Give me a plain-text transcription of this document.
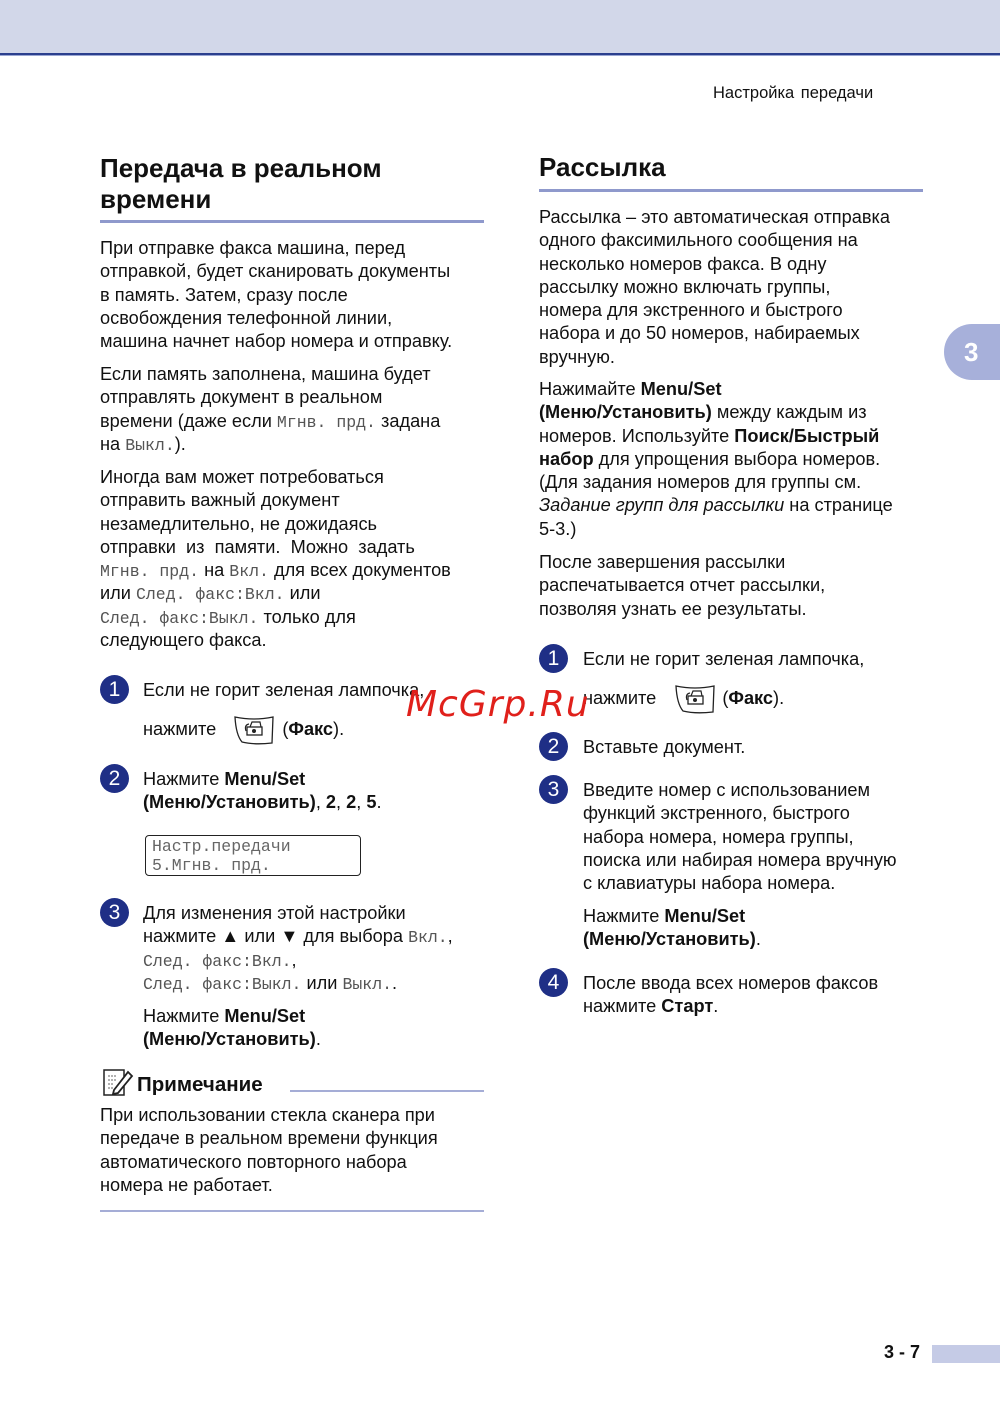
Настройка передачи
Передача в реальном
времени
При отправке факса машина, перед
отправкой, будет сканировать документы
в память. Затем, сразу после
освобождения телефонной линии,
машина начнет набор номера и отправку.
Если память заполнена, машина будет
отправлять документ в реальном
времени (даже если Мгнв. прд. задана
на Выкл.).
Иногда вам может потребоваться
отправить важный документ
незамедлительно, не дожидаясь
отправки  из  памяти.  Можно  задать
Мгнв. прд. на Вкл. для всех документов
или След. факс:Вкл. или
След. факс:Выкл. только для
следующего факса.
1	Если не горит зеленая лампочка,
нажмите	(Факс).
2	Нажмите Menu/Set
(Меню/Установить), 2, 2, 5.
Настр.передачи
5.Мгнв. прд.
3	Для изменения этой настройки
нажмите ▲ или ▼ для выбора Вкл.,
След. факс:Вкл.,
След. факс:Выкл. или Выкл..
Нажмите Menu/Set
(Меню/Установить).
Примечание
При использовании стекла сканера при
передаче в реальном времени функция
автоматического повторного набора
номера не работает.
Рассылка
Рассылка – это автоматическая отправка
одного факсимильного сообщения на
несколько номеров факса. В одну
рассылку можно включать группы,
номера для экстренного и быстрого
набора и до 50 номеров, набираемых
вручную.
Нажимайте Menu/Set
(Меню/Установить) между каждым из
номеров. Используйте Поиск/Быстрый
набор для упрощения выбора номеров.
(Для задания номеров для группы см.
Задание групп для рассылки на странице
5-3.)
После завершения рассылки
распечатывается отчет рассылки,
позволяя узнать ее результаты.
1	Если не горит зеленая лампочка,
нажмите	(Факс).
2	Вставьте документ.
3	Введите номер с использованием
функций экстренного, быстрого
набора номера, номера группы,
поиска или набирая номера вручную
с клавиатуры набора номера.
Нажмите Menu/Set
(Меню/Установить).
4	После ввода всех номеров факсов
нажмите Старт.
3
McGrp.Ru
3 - 7
